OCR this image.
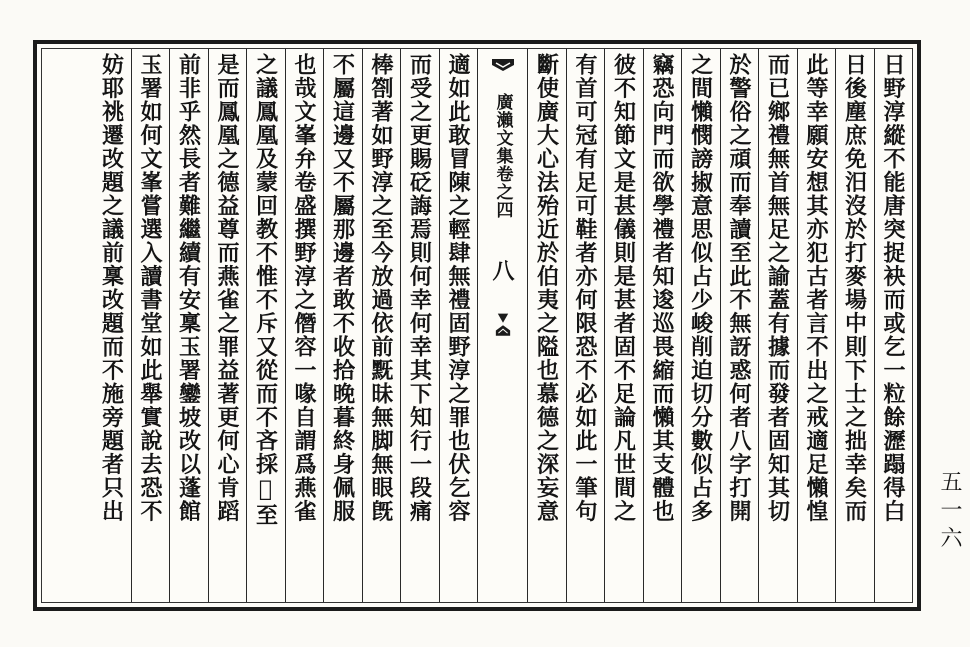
五一六
日野淳縱不能唐突捉袂而或乞一粒餘瀝蹋得白
日後塵庶免汨沒於打麥場中則下士之拙幸矣而
此等幸願安想其亦犯古者言不出之戒適足懶惶
而已鄉禮無首無足之諭蓋有據而發者固知其切
於警俗之頑而奉讀至此不無訝惑何者八字打開
之間懶憫謗掓意思似占少峻削迫切分數似占多
竊恐向門而欲學禮者知逡巡畏縮而懶其支體也
彼不知節文是甚儀則是甚者固不足論凡世間之
有首可冠有足可鞋者亦何限恐不必如此一筆句
斷使廣大心法殆近於伯夷之隘也慕德之深妄意
廣瀨文集卷之四
八
適如此敢冒陳之輕肆無禮固野淳之罪也伏乞容
而受之更賜砭誨焉則何幸何幸其下知行一段痛
棒劄著如野淳之至今放過依前黖昧無脚無眼旣
不屬這邊又不屬那邊者敢不收拾晚暮終身佩服
也哉文峯弁卷盛撰野淳之僭容一喙自謂爲燕雀
之議鳳凰及蒙回教不惟不斥又從而不吝採𢾗至
是而鳳凰之德益尊而燕雀之罪益著更何心肯蹈
前非乎然長者難繼續有安稟玉署鑾坡改以蓬館
玉署如何文峯嘗選入讀書堂如此舉實說去恐不
妨耶祧遷改題之議前稟改題而不施旁題者只出
